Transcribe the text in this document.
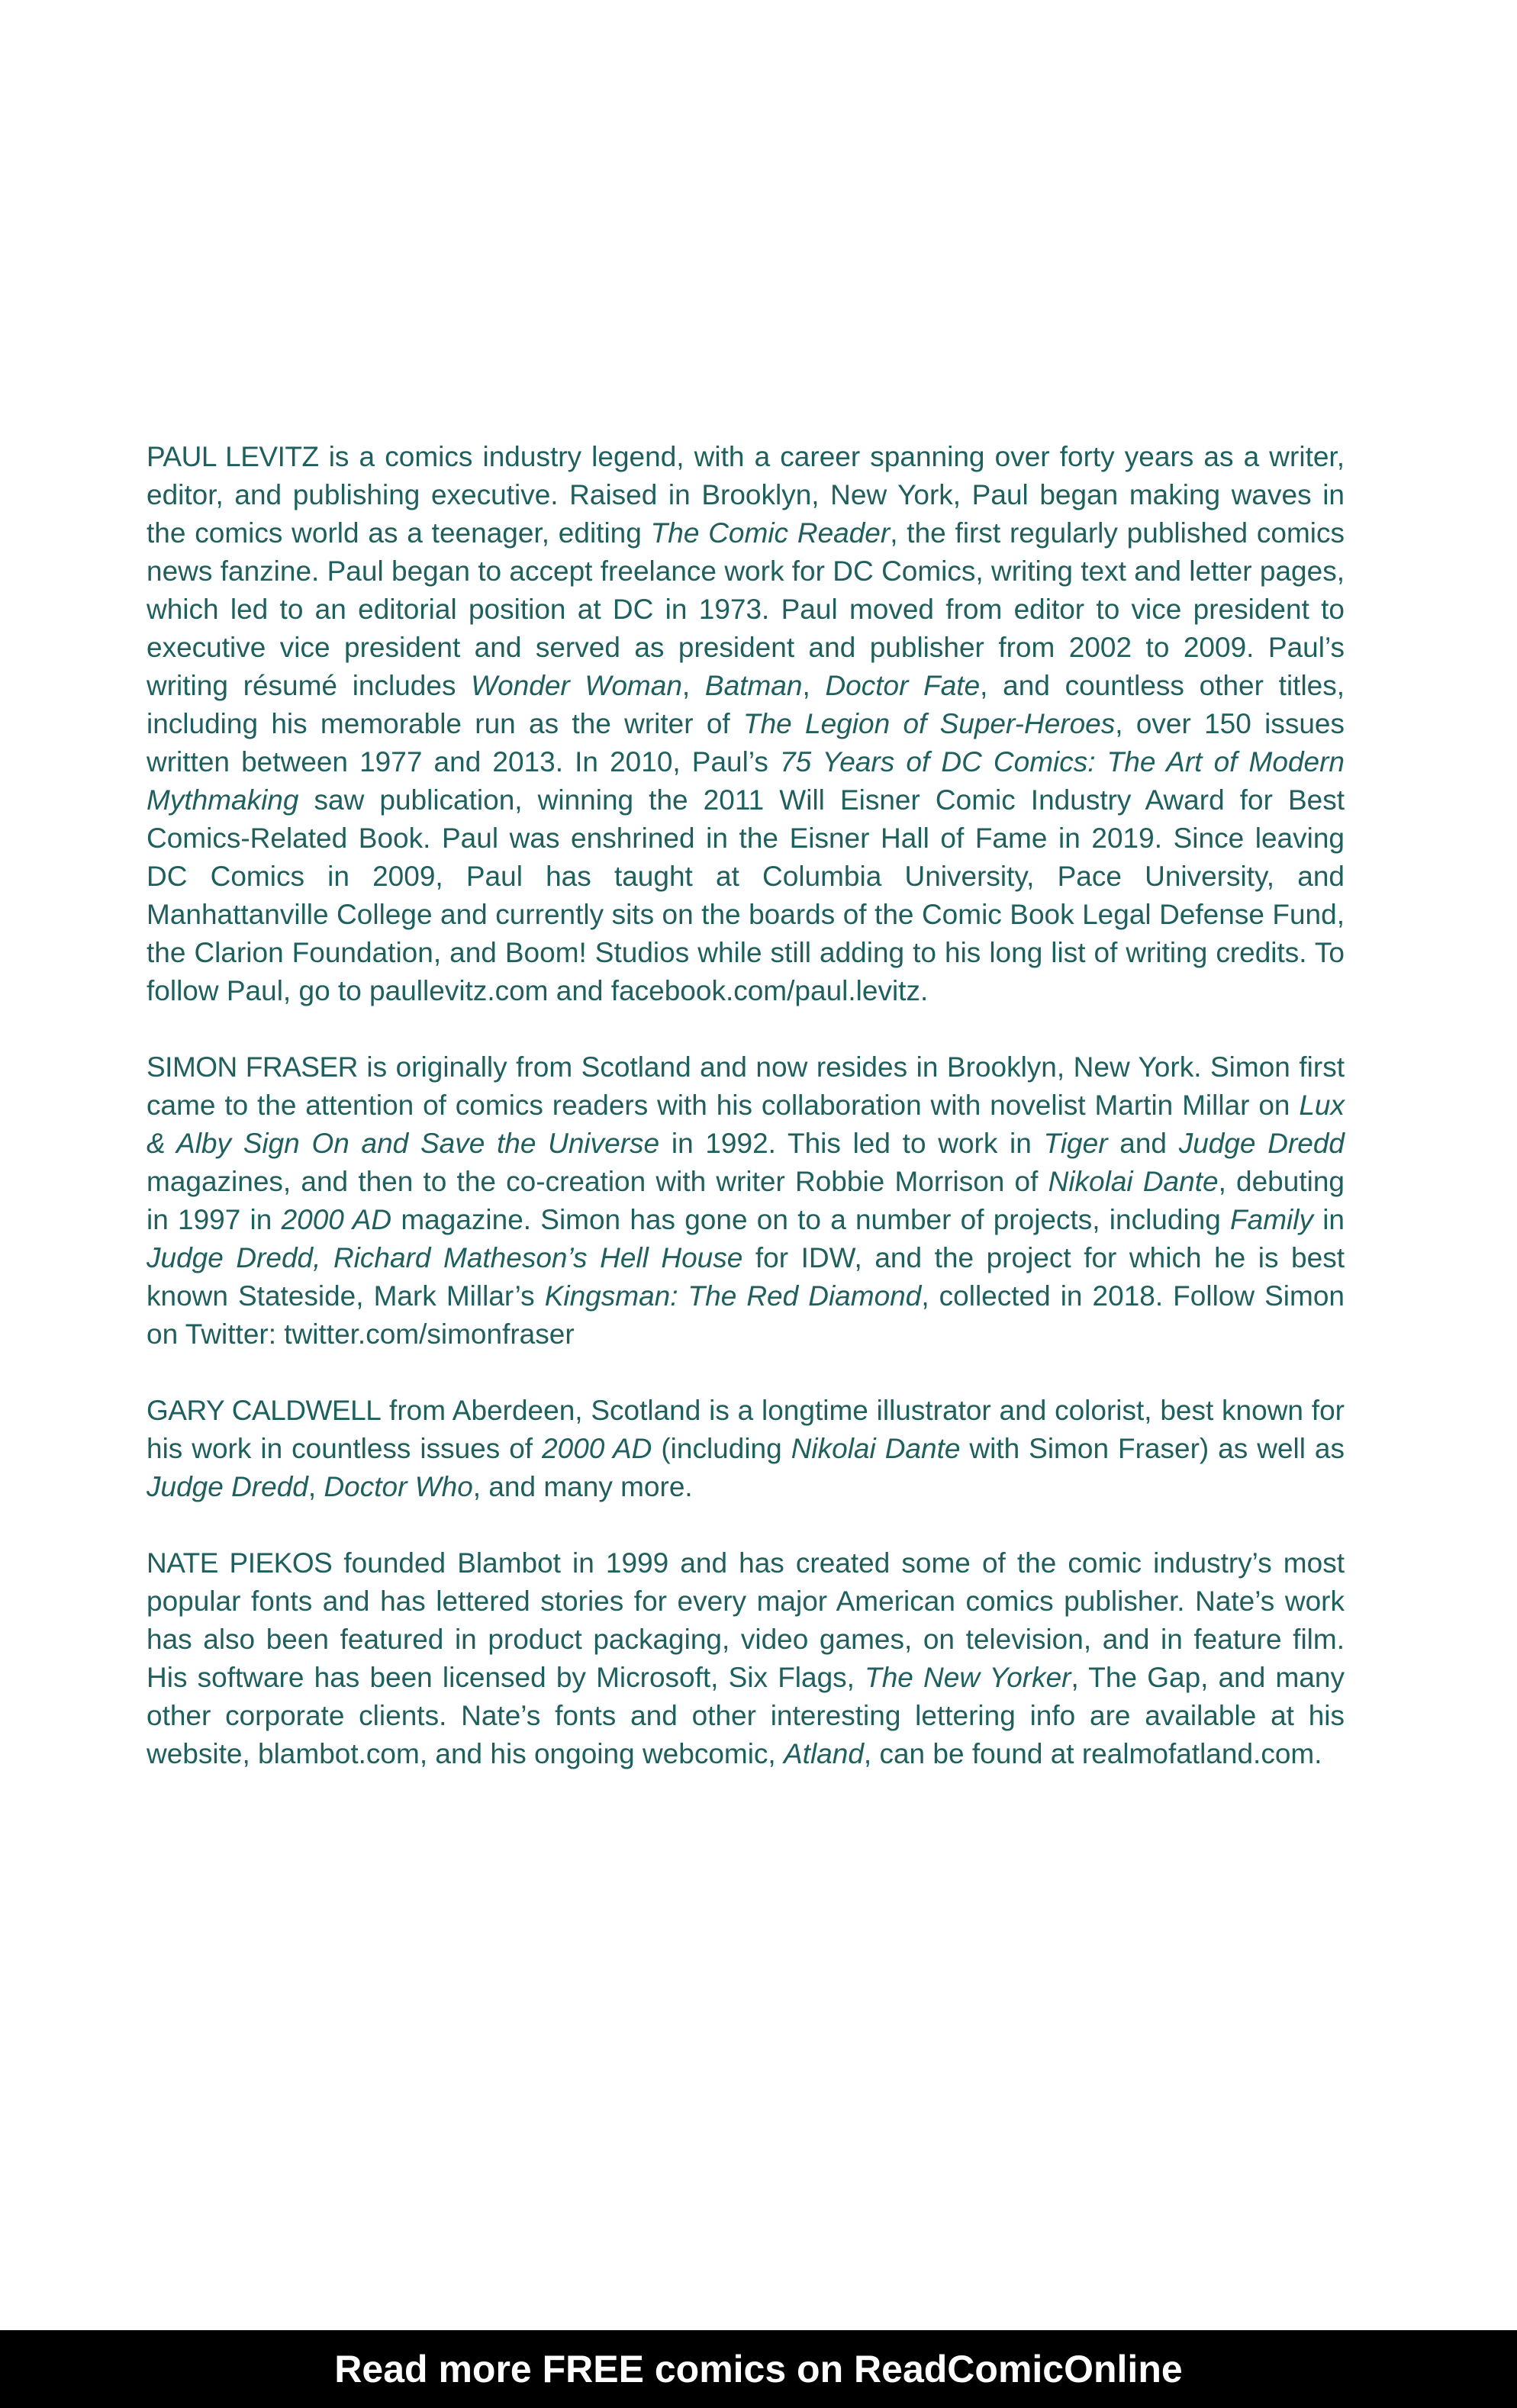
PAUL LEVITZ is a comics industry legend, with a career spanning over forty years as a writer, editor, and publishing executive. Raised in Brooklyn, New York, Paul began making waves in the comics world as a teenager, editing The Comic Reader, the first regularly published comics news fanzine. Paul began to accept freelance work for DC Comics, writing text and letter pages, which led to an editorial position at DC in 1973. Paul moved from editor to vice president to executive vice president and served as president and publisher from 2002 to 2009. Paul’s writing résumé includes Wonder Woman, Batman, Doctor Fate, and countless other titles, including his memorable run as the writer of The Legion of Super-Heroes, over 150 issues written between 1977 and 2013. In 2010, Paul’s 75 Years of DC Comics: The Art of Modern Mythmaking saw publication, winning the 2011 Will Eisner Comic Industry Award for Best Comics-Related Book. Paul was enshrined in the Eisner Hall of Fame in 2019. Since leaving DC Comics in 2009, Paul has taught at Columbia University, Pace University, and Manhattanville College and currently sits on the boards of the Comic Book Legal Defense Fund, the Clarion Foundation, and Boom! Studios while still adding to his long list of writing credits. To follow Paul, go to paullevitz.com and facebook.com/paul.levitz.

SIMON FRASER is originally from Scotland and now resides in Brooklyn, New York. Simon first came to the attention of comics readers with his collaboration with novelist Martin Millar on Lux & Alby Sign On and Save the Universe in 1992. This led to work in Tiger and Judge Dredd magazines, and then to the co-creation with writer Robbie Morrison of Nikolai Dante, debuting in 1997 in 2000 AD magazine. Simon has gone on to a number of projects, including Family in Judge Dredd, Richard Matheson’s Hell House for IDW, and the project for which he is best known Stateside, Mark Millar’s Kingsman: The Red Diamond, collected in 2018. Follow Simon on Twitter: twitter.com/simonfraser

GARY CALDWELL from Aberdeen, Scotland is a longtime illustrator and colorist, best known for his work in countless issues of 2000 AD (including Nikolai Dante with Simon Fraser) as well as Judge Dredd, Doctor Who, and many more.

NATE PIEKOS founded Blambot in 1999 and has created some of the comic industry’s most popular fonts and has lettered stories for every major American comics publisher. Nate’s work has also been featured in product packaging, video games, on television, and in feature film. His software has been licensed by Microsoft, Six Flags, The New Yorker, The Gap, and many other corporate clients. Nate’s fonts and other interesting lettering info are available at his website, blambot.com, and his ongoing webcomic, Atland, can be found at realmofatland.com.

Read more FREE comics on ReadComicOnline
